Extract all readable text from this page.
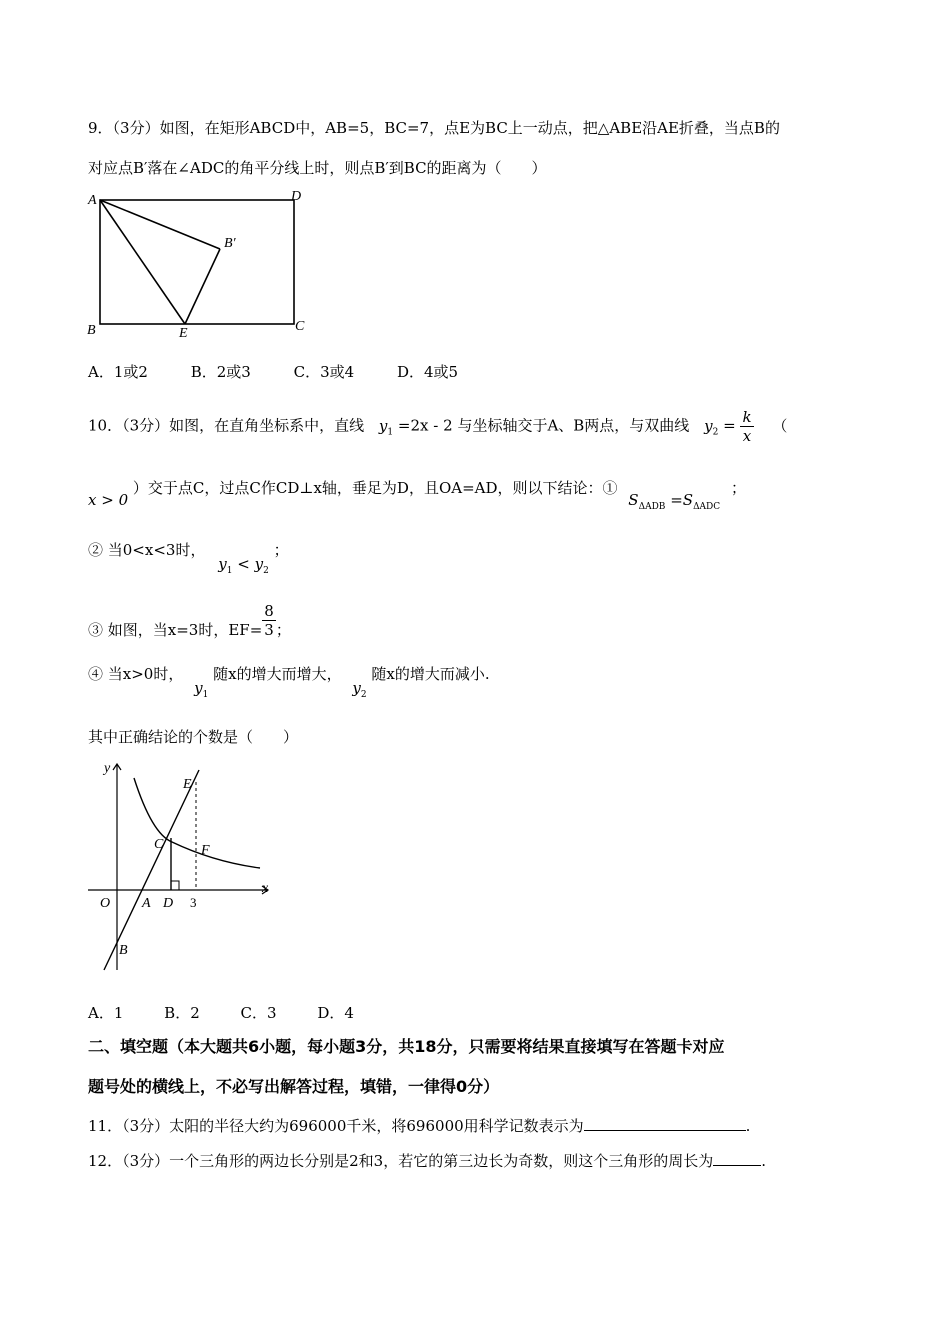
9．（3分）如图，在矩形ABCD中，AB=5，BC=7，点E为BC上一动点，把△ABE沿AE折叠，当点B的
对应点B′落在∠ADC的角平分线上时，则点B′到BC的距离为（　　）
A	D
B′
B	E	C
A．1或2	B．2或3	C．3或4	D．4或5
10．（3分）如图，在直角坐标系中，直线 $y_1 =2x - 2$ 与坐标轴交于A、B两点，与双曲线 $y_2 = \frac{k}{x}$ （
x > 0 ）交于点C，过点C作CD⊥x轴，垂足为D，且OA=AD，则以下结论：① $S_{\Delta ADB} =S_{\Delta ADC}$ ；
② 当0<x<3时， $y_1 < y_2$ ；
③ 如图，当x=3时，$EF= \frac{8}{3}$ ；
④ 当x>0时， $y_1$ 随x的增大而增大， $y_2$ 随x的增大而减小.
其中正确结论的个数是（　　）
y
x
O A D 3
C
E
F
B
A．1	B．2	C．3	D．4
二、填空题（本大题共6小题，每小题3分，共18分，只需要将结果直接填写在答题卡对应
题号处的横线上，不必写出解答过程，填错，一律得0分）
11．（3分）太阳的半径大约为696000千米，将696000用科学记数表示为	.
12．（3分）一个三角形的两边长分别是2和3，若它的第三边长为奇数，则这个三角形的周长为	.
